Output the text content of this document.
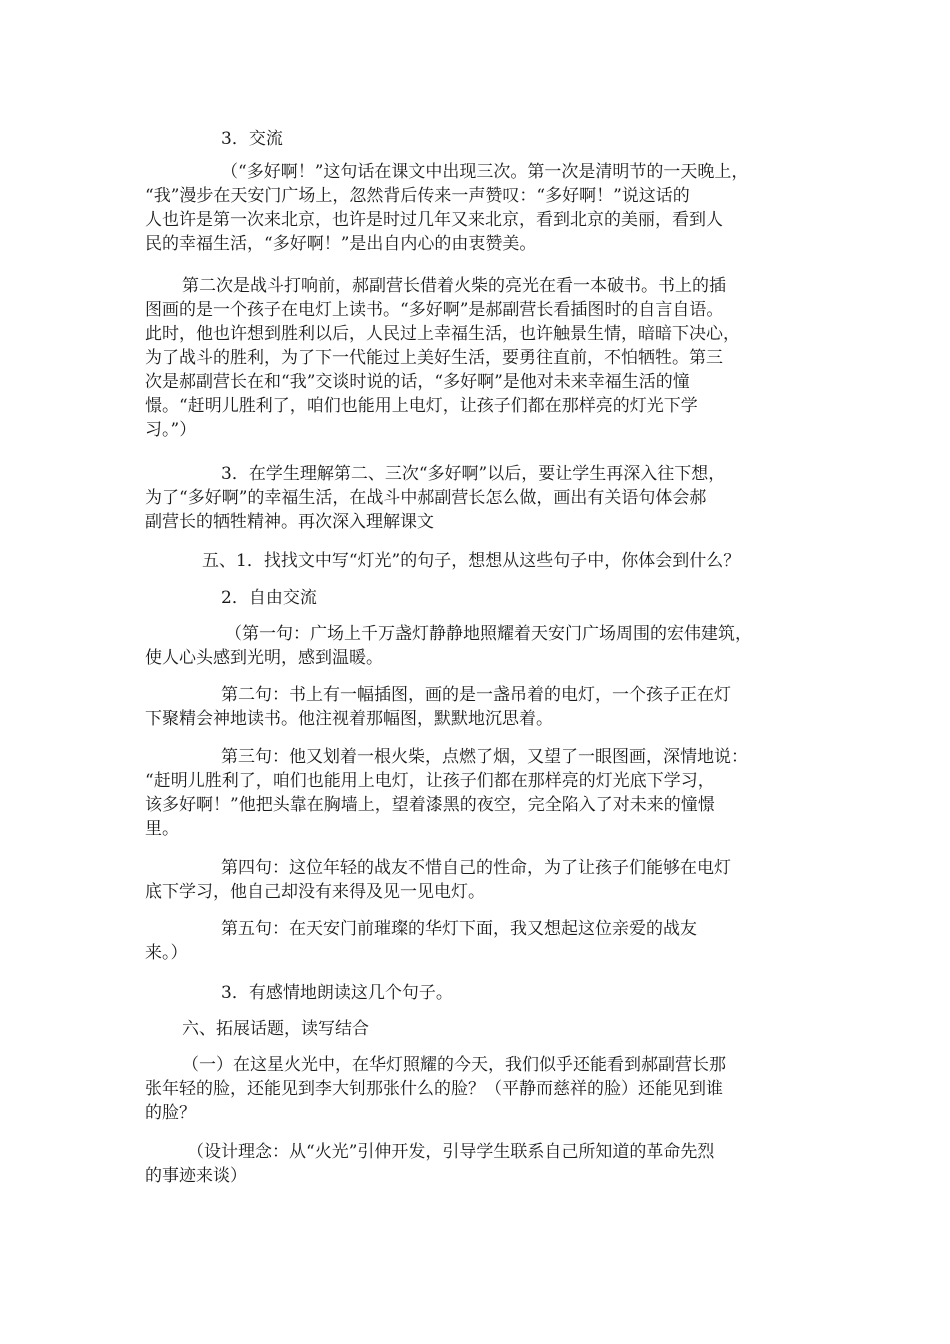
3．交流

（“多好啊！”这句话在课文中出现三次。第一次是清明节的一天晚上，
“我”漫步在天安门广场上，忽然背后传来一声赞叹：“多好啊！”说这话的
人也许是第一次来北京，也许是时过几年又来北京，看到北京的美丽，看到人
民的幸福生活，“多好啊！”是出自内心的由衷赞美。

第二次是战斗打响前，郝副营长借着火柴的亮光在看一本破书。书上的插
图画的是一个孩子在电灯上读书。“多好啊”是郝副营长看插图时的自言自语。
此时，他也许想到胜利以后，人民过上幸福生活，也许触景生情，暗暗下决心，
为了战斗的胜利，为了下一代能过上美好生活，要勇往直前，不怕牺牲。第三
次是郝副营长在和“我”交谈时说的话，“多好啊”是他对未来幸福生活的憧
憬。“赶明儿胜利了，咱们也能用上电灯，让孩子们都在那样亮的灯光下学
习。”）

3．在学生理解第二、三次“多好啊”以后，要让学生再深入往下想，
为了“多好啊”的幸福生活，在战斗中郝副营长怎么做，画出有关语句体会郝
副营长的牺牲精神。再次深入理解课文

五、1．找找文中写“灯光”的句子，想想从这些句子中，你体会到什么？

2．自由交流

（第一句：广场上千万盏灯静静地照耀着天安门广场周围的宏伟建筑，
使人心头感到光明，感到温暖。

第二句：书上有一幅插图，画的是一盏吊着的电灯，一个孩子正在灯
下聚精会神地读书。他注视着那幅图，默默地沉思着。

第三句：他又划着一根火柴，点燃了烟，又望了一眼图画，深情地说：
“赶明儿胜利了，咱们也能用上电灯，让孩子们都在那样亮的灯光底下学习，
该多好啊！”他把头靠在胸墙上，望着漆黑的夜空，完全陷入了对未来的憧憬
里。

第四句：这位年轻的战友不惜自己的性命，为了让孩子们能够在电灯
底下学习，他自己却没有来得及见一见电灯。

第五句：在天安门前璀璨的华灯下面，我又想起这位亲爱的战友
来。）

3．有感情地朗读这几个句子。

六、拓展话题，读写结合

（一）在这星火光中，在华灯照耀的今天，我们似乎还能看到郝副营长那
张年轻的脸，还能见到李大钊那张什么的脸？（平静而慈祥的脸）还能见到谁
的脸？

（设计理念：从“火光”引伸开发，引导学生联系自己所知道的革命先烈
的事迹来谈）
